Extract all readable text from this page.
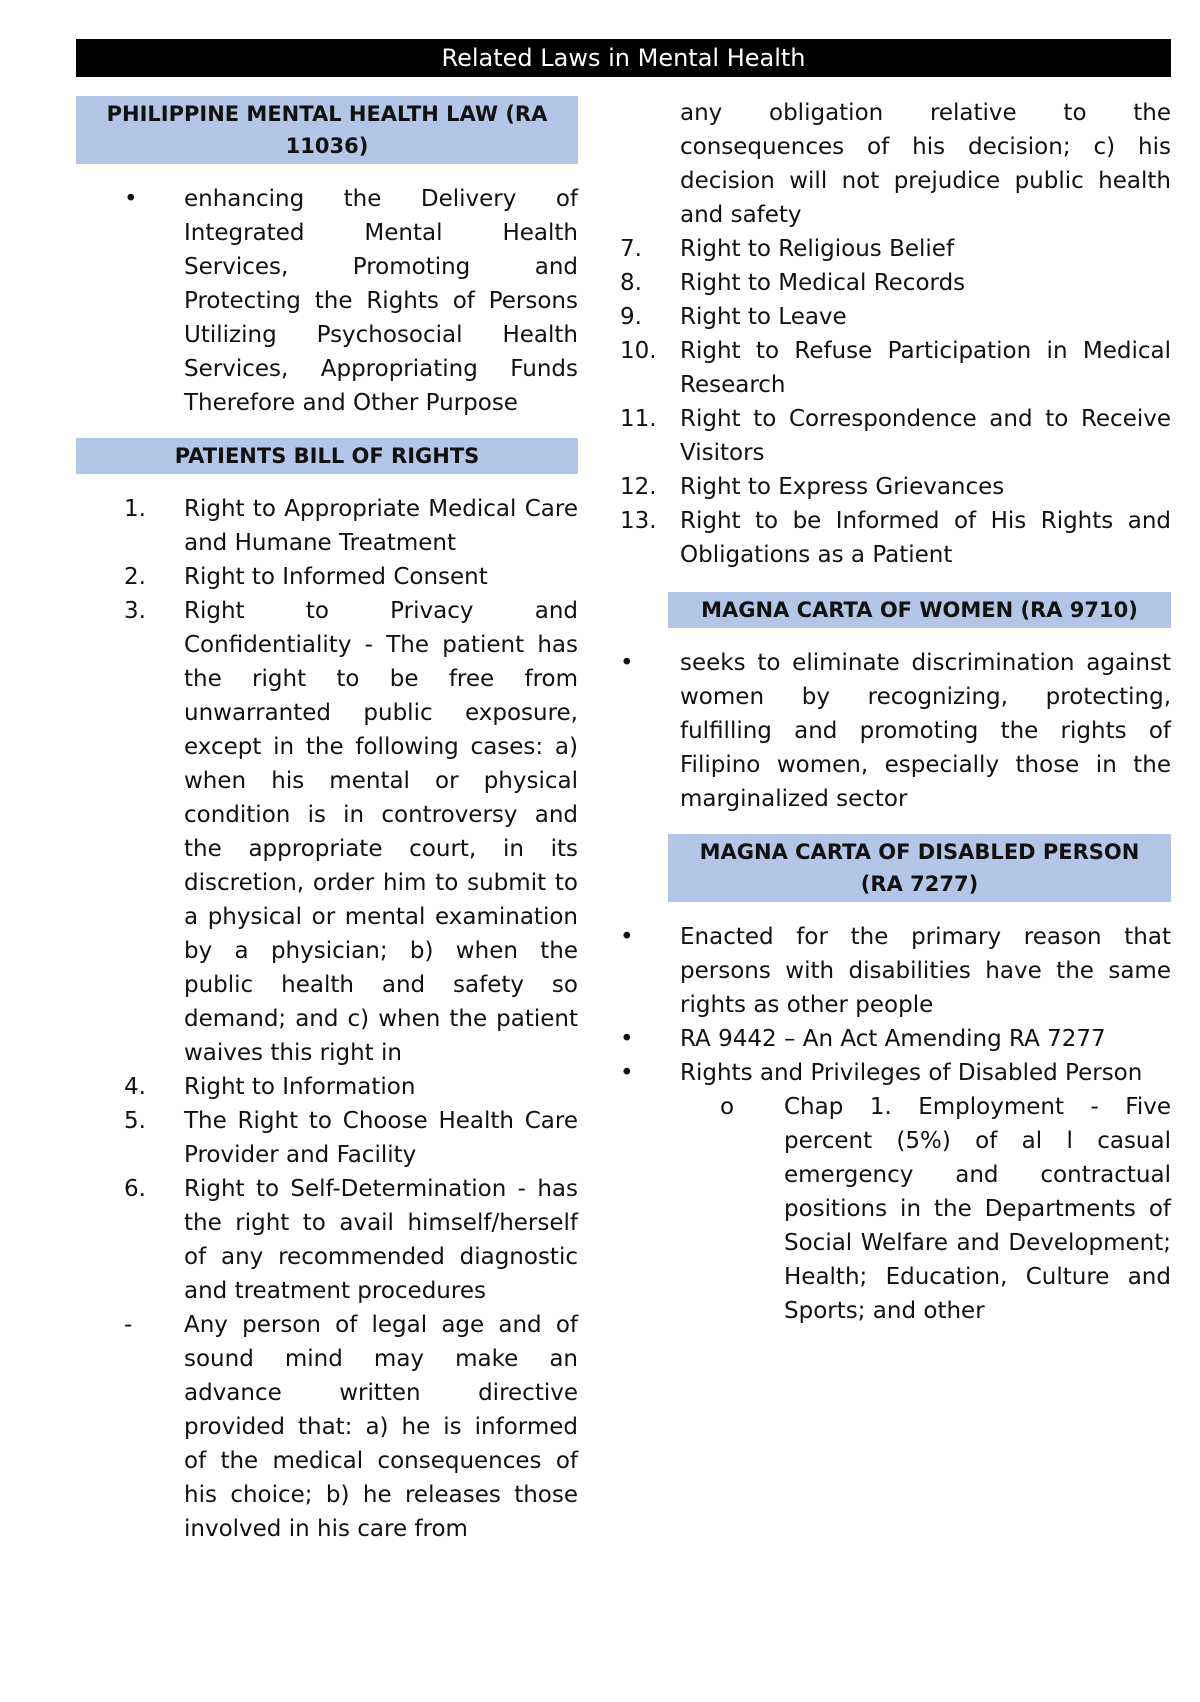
Related Laws in Mental Health
PHILIPPINE MENTAL HEALTH LAW (RA 11036)
•
enhancing the Delivery of Integrated Mental Health Services, Promoting and Protecting the Rights of Persons Utilizing Psychosocial Health Services, Appropriating Funds Therefore and Other Purpose
PATIENTS BILL OF RIGHTS
1.	Right to Appropriate Medical Care and Humane Treatment
2.	Right to Informed Consent
3.	Right to Privacy and Confidentiality - The patient has the right to be free from unwarranted public exposure, except in the following cases: a) when his mental or physical condition is in controversy and the appropriate court, in its discretion, order him to submit to a physical or mental examination by a physician; b) when the public health and safety so demand; and c) when the patient waives this right in
4.	Right to Information
5.	The Right to Choose Health Care Provider and Facility
6.	Right to Self-Determination - has the right to avail himself/herself of any recommended diagnostic and treatment procedures
-	Any person of legal age and of sound mind may make an advance written directive provided that: a) he is informed of the medical consequences of his choice; b) he releases those involved in his care from

any obligation relative to the consequences of his decision; c) his decision will not prejudice public health and safety

7.	Right to Religious Belief
8.	Right to Medical Records
9.	Right to Leave
10. Right to Refuse Participation in Medical Research
11. Right to Correspondence and to Receive Visitors
12. Right to Express Grievances
13. Right to be Informed of His Rights and Obligations as a Patient
MAGNA CARTA OF WOMEN (RA 9710)
•
seeks to eliminate discrimination against women by recognizing, protecting, fulfilling and promoting the rights of Filipino women, especially those in the marginalized sector
MAGNA CARTA OF DISABLED PERSON (RA 7277)
•
Enacted for the primary reason that persons with disabilities have the same rights as other people
•
RA 9442 – An Act Amending RA 7277
•
Rights and Privileges of Disabled Person
o	Chap 1. Employment - Five percent (5%) of al l casual emergency and contractual positions in the Departments of Social Welfare and Development; Health; Education, Culture and Sports; and other
